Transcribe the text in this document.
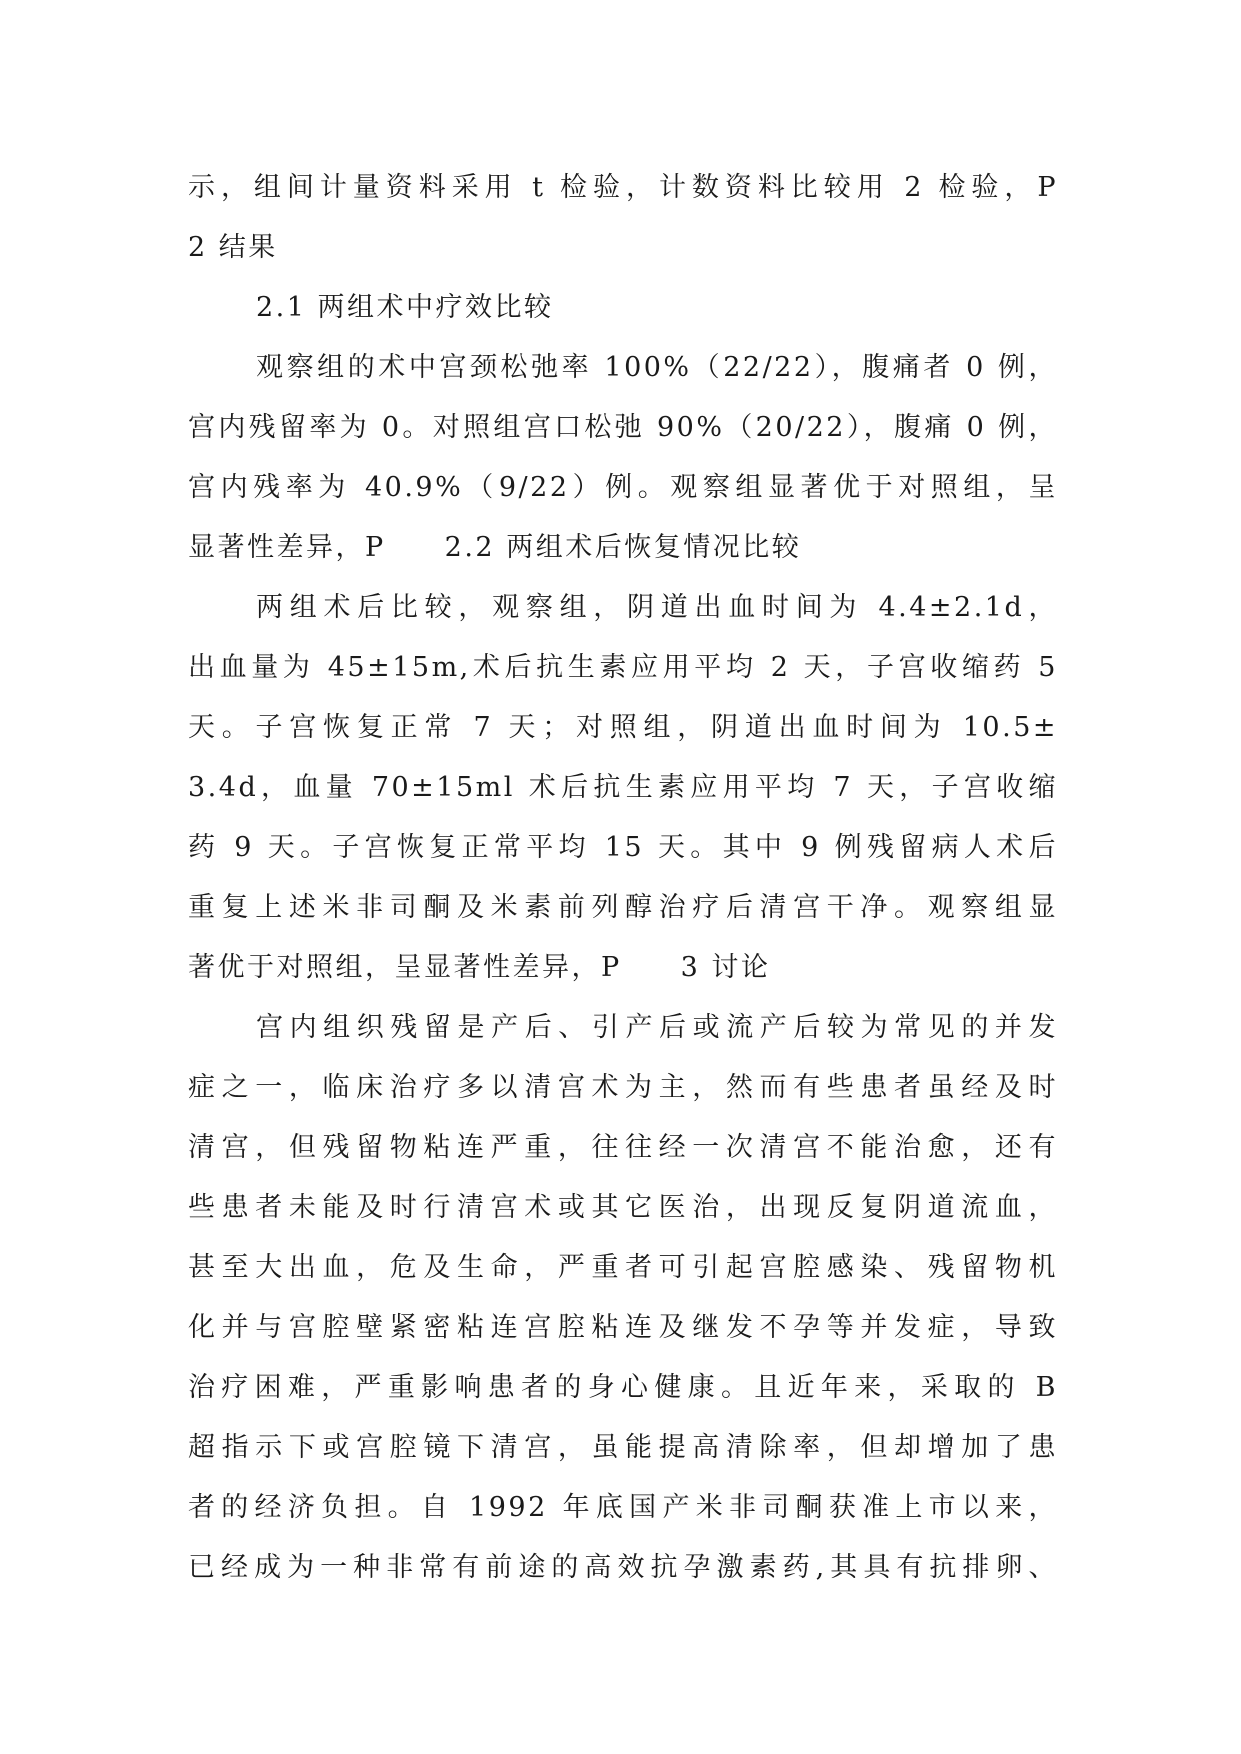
示，组间计量资料采用 t 检验，计数资料比较用 2 检验，P
2 结果
2.1 两组术中疗效比较
观察组的术中宫颈松弛率 100%（22/22），腹痛者 0 例，
宫内残留率为 0。对照组宫口松弛 90%（20/22），腹痛 0 例，
宫内残率为 40.9%（9/22）例。观察组显著优于对照组，呈
显著性差异，P　　2.2 两组术后恢复情况比较
两组术后比较，观察组，阴道出血时间为 4.4±2.1d，
出血量为 45±15m,术后抗生素应用平均 2 天，子宫收缩药 5
天。子宫恢复正常 7 天；对照组，阴道出血时间为 10.5±
3.4d，血量 70±15ml 术后抗生素应用平均 7 天，子宫收缩
药 9 天。子宫恢复正常平均 15 天。其中 9 例残留病人术后
重复上述米非司酮及米素前列醇治疗后清宫干净。观察组显
著优于对照组，呈显著性差异，P　　3 讨论
宫内组织残留是产后、引产后或流产后较为常见的并发
症之一，临床治疗多以清宫术为主，然而有些患者虽经及时
清宫，但残留物粘连严重，往往经一次清宫不能治愈，还有
些患者未能及时行清宫术或其它医治，出现反复阴道流血，
甚至大出血，危及生命，严重者可引起宫腔感染、残留物机
化并与宫腔壁紧密粘连宫腔粘连及继发不孕等并发症，导致
治疗困难，严重影响患者的身心健康。且近年来，采取的 B
超指示下或宫腔镜下清宫，虽能提高清除率，但却增加了患
者的经济负担。自 1992 年底国产米非司酮获准上市以来，
已经成为一种非常有前途的高效抗孕激素药,其具有抗排卵、
